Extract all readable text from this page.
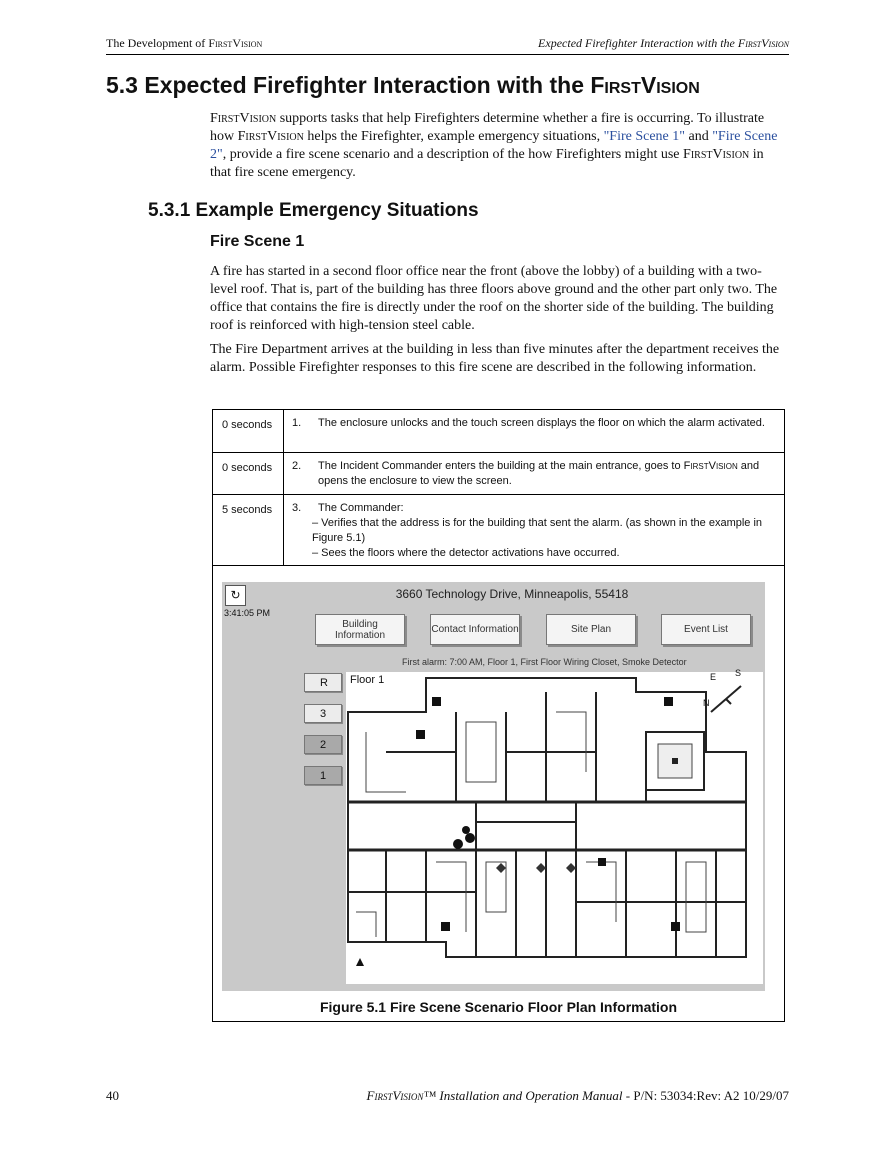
The Development of FirstVision	Expected Firefighter Interaction with the FirstVision
5.3 Expected Firefighter Interaction with the FirstVision

FirstVision supports tasks that help Firefighters determine whether a fire is occurring. To illustrate how FirstVision helps the Firefighter, example emergency situations, "Fire Scene 1" and "Fire Scene 2", provide a fire scene scenario and a description of the how Firefighters might use FirstVision in that fire scene emergency.

5.3.1 Example Emergency Situations
Fire Scene 1

A fire has started in a second floor office near the front (above the lobby) of a building with a two-level roof. That is, part of the building has three floors above ground and the other part only two. The office that contains the fire is directly under the roof on the shorter side of the building. The building roof is reinforced with high-tension steel cable.

The Fire Department arrives at the building in less than five minutes after the department receives the alarm. Possible Firefighter responses to this fire scene are described in the following information.

0 seconds	1.	The enclosure unlocks and the touch screen displays the floor on which the alarm activated.
0 seconds	2.	The Incident Commander enters the building at the main entrance, goes to FirstVision and opens the enclosure to view the screen.
5 seconds	3.	The Commander:
– Verifies that the address is for the building that sent the alarm. (as shown in the example in Figure 5.1)
– Sees the floors where the detector activations have occurred.
↻
3:41:05 PM
3660 Technology Drive, Minneapolis, 55418
Building Information	Contact Information	Site Plan	Event List
First alarm: 7:00 AM, Floor 1, First Floor Wiring Closet, Smoke Detector
R
3
2
1
Floor 1	E S
N
Figure 5.1 Fire Scene Scenario Floor Plan Information
40	FirstVision™ Installation and Operation Manual - P/N: 53034:Rev: A2 10/29/07
